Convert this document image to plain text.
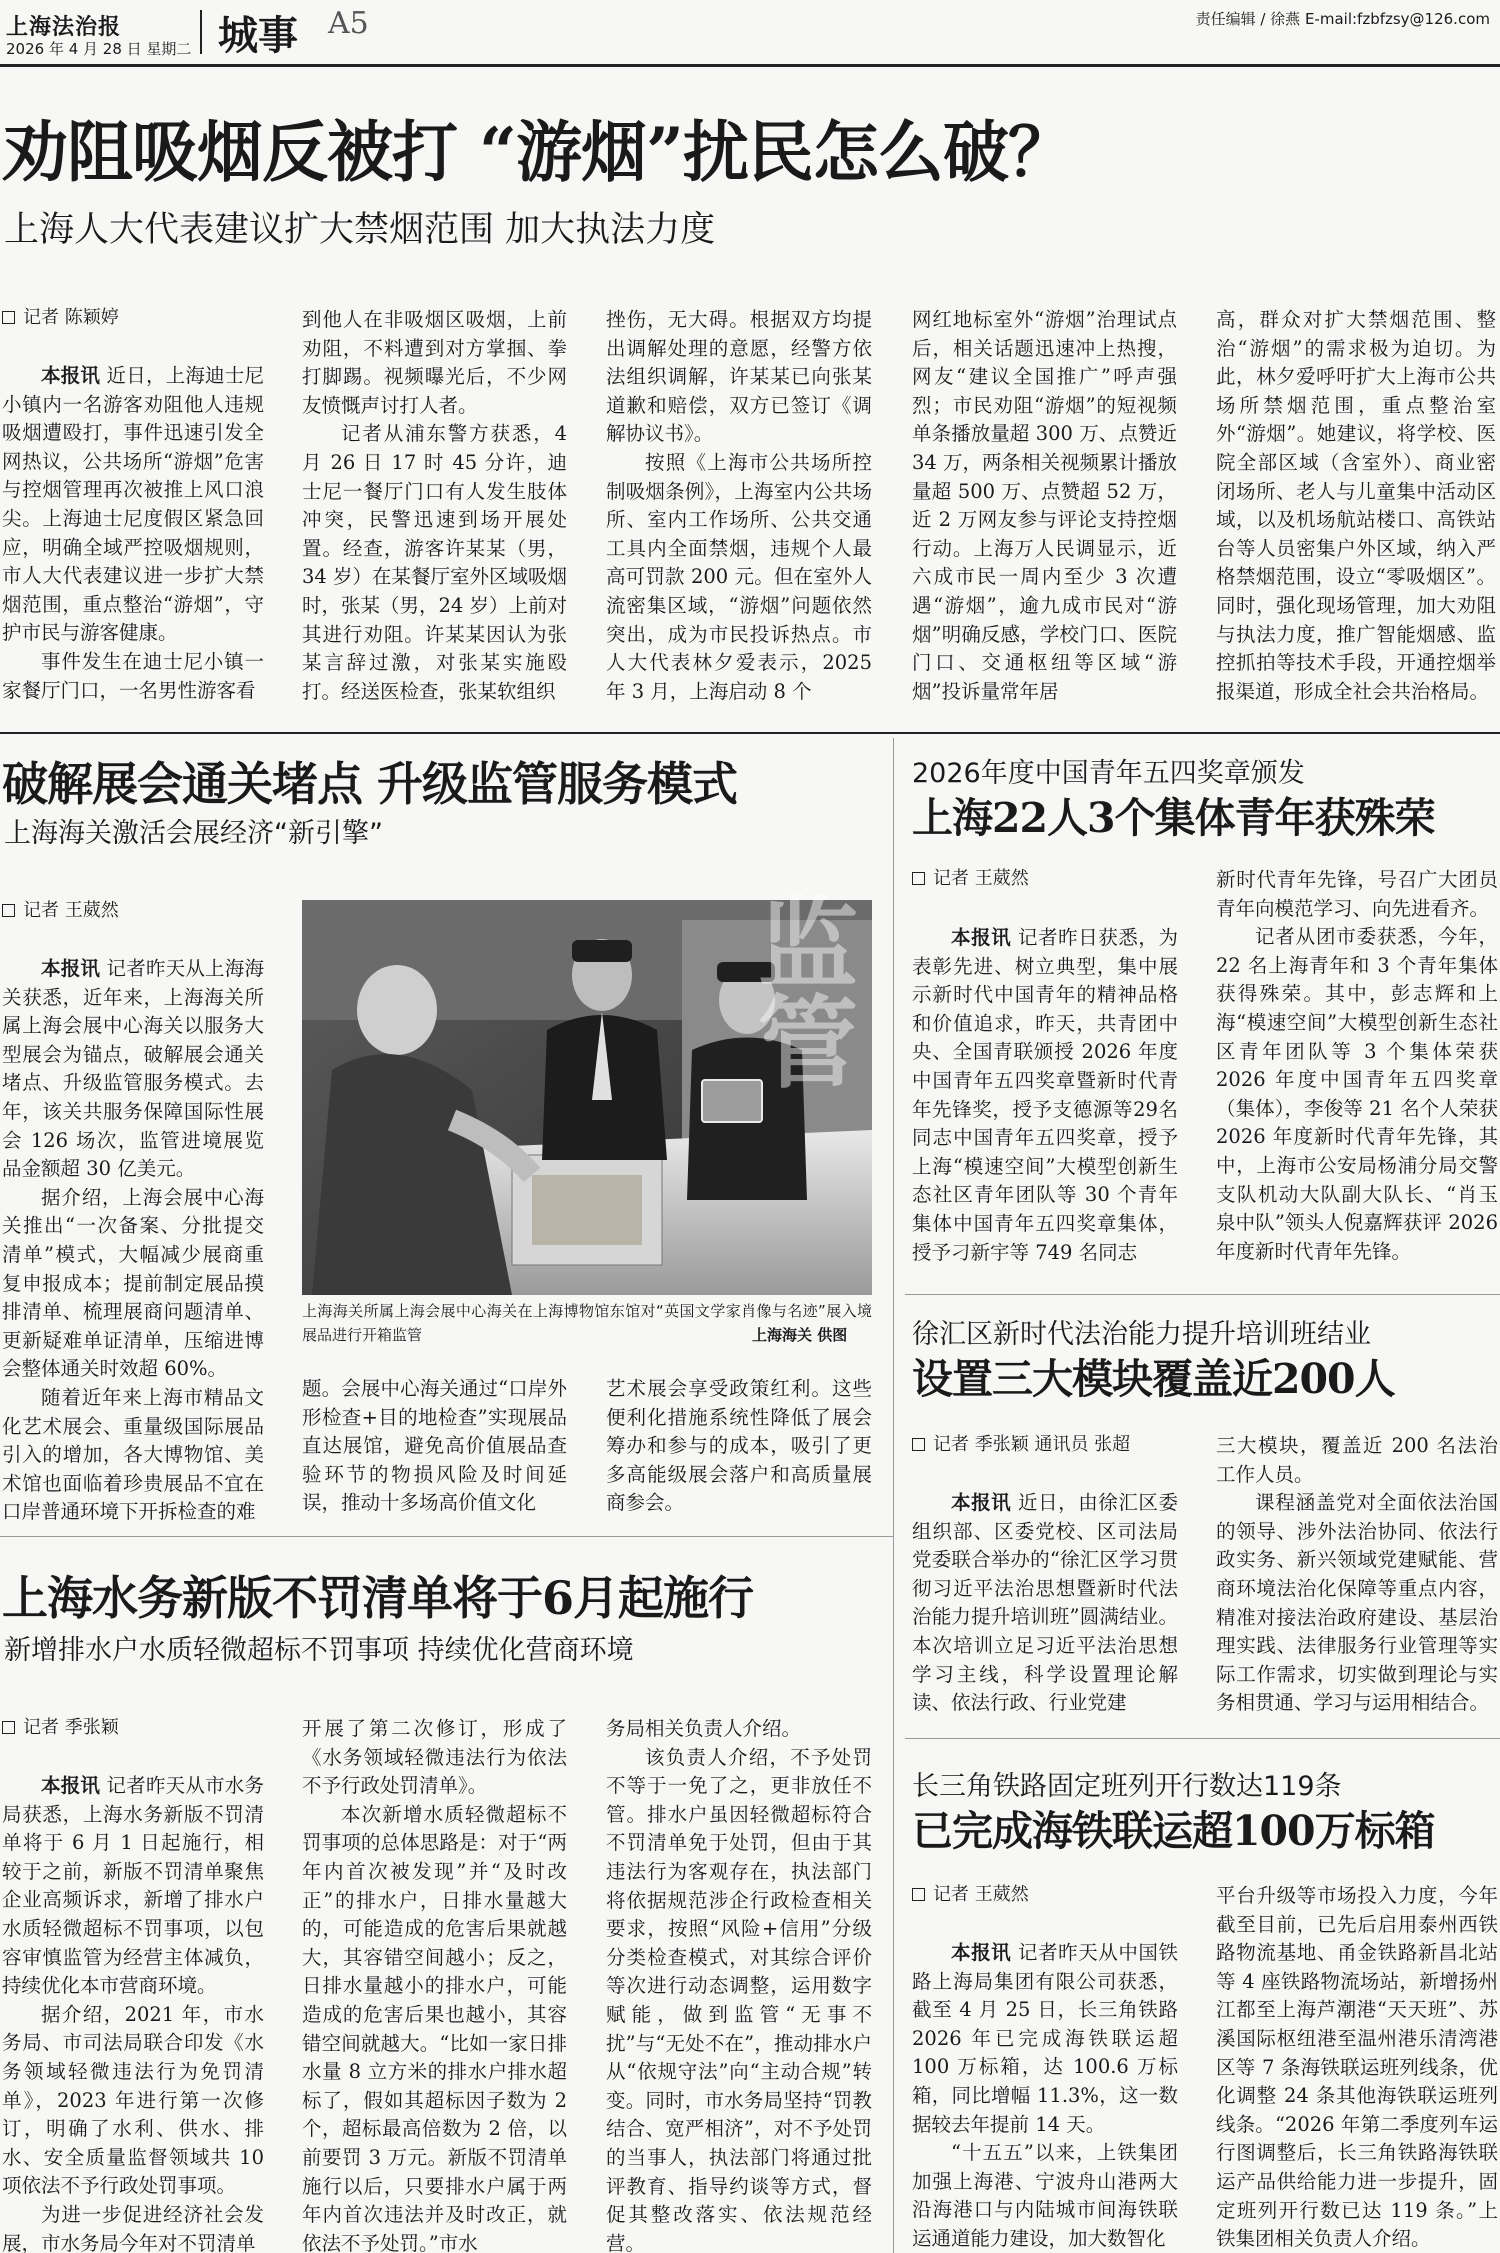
上海法治报
2026 年 4 月 28 日 星期二 城事 A5	责任编辑 / 徐燕 E-mail:fzbfzsy@126.com
劝阻吸烟反被打 “游烟”扰民怎么破？
上海人大代表建议扩大禁烟范围 加大执法力度
记者 陈颖婷

本报讯 近日，上海迪士尼小镇内一名游客劝阻他人违规吸烟遭殴打，事件迅速引发全网热议，公共场所“游烟”危害与控烟管理再次被推上风口浪尖。上海迪士尼度假区紧急回应，明确全域严控吸烟规则，市人大代表建议进一步扩大禁烟范围，重点整治“游烟”，守护市民与游客健康。

事件发生在迪士尼小镇一家餐厅门口，一名男性游客看

到他人在非吸烟区吸烟，上前劝阻，不料遭到对方掌掴、拳打脚踢。视频曝光后，不少网友愤慨声讨打人者。

记者从浦东警方获悉，4 月 26 日 17 时 45 分许，迪士尼一餐厅门口有人发生肢体冲突，民警迅速到场开展处置。经查，游客许某某（男，34 岁）在某餐厅室外区域吸烟时，张某（男，24 岁）上前对其进行劝阻。许某某因认为张某言辞过激，对张某实施殴打。经送医检查，张某软组织

挫伤，无大碍。根据双方均提出调解处理的意愿，经警方依法组织调解，许某某已向张某道歉和赔偿，双方已签订《调解协议书》。

按照《上海市公共场所控制吸烟条例》，上海室内公共场所、室内工作场所、公共交通工具内全面禁烟，违规个人最高可罚款 200 元。但在室外人流密集区域，“游烟”问题依然突出，成为市民投诉热点。市人大代表林夕爱表示，2025 年 3 月，上海启动 8 个

网红地标室外“游烟”治理试点后，相关话题迅速冲上热搜，网友“建议全国推广”呼声强烈；市民劝阻“游烟”的短视频单条播放量超 300 万、点赞近 34 万，两条相关视频累计播放量超 500 万、点赞超 52 万，近 2 万网友参与评论支持控烟行动。上海万人民调显示，近六成市民一周内至少 3 次遭遇“游烟”，逾九成市民对“游烟”明确反感，学校门口、医院门口、交通枢纽等区域“游烟”投诉量常年居

高，群众对扩大禁烟范围、整治“游烟”的需求极为迫切。为此，林夕爱呼吁扩大上海市公共场所禁烟范围，重点整治室外“游烟”。她建议，将学校、医院全部区域（含室外）、商业密闭场所、老人与儿童集中活动区域，以及机场航站楼口、高铁站台等人员密集户外区域，纳入严格禁烟范围，设立“零吸烟区”。同时，强化现场管理，加大劝阻与执法力度，推广智能烟感、监控抓拍等技术手段，开通控烟举报渠道，形成全社会共治格局。

破解展会通关堵点 升级监管服务模式
上海海关激活会展经济“新引擎”
记者 王葳然

本报讯 记者昨天从上海海关获悉，近年来，上海海关所属上海会展中心海关以服务大型展会为锚点，破解展会通关堵点、升级监管服务模式。去年，该关共服务保障国际性展会 126 场次，监管进境展览品金额超 30 亿美元。

据介绍，上海会展中心海关推出“一次备案、分批提交清单”模式，大幅减少展商重复申报成本；提前制定展品摸排清单、梳理展商问题清单、更新疑难单证清单，压缩进博会整体通关时效超 60%。

随着近年来上海市精品文化艺术展会、重量级国际展品引入的增加，各大博物馆、美术馆也面临着珍贵展品不宜在口岸普通环境下开拆检查的难

监管
上海海关所属上海会展中心海关在上海博物馆东馆对“英国文学家肖像与名迹”展入境展品进行开箱监管	上海海关 供图

题。会展中心海关通过“口岸外形检查+目的地检查”实现展品直达展馆，避免高价值展品查验环节的物损风险及时间延误，推动十多场高价值文化

艺术展会享受政策红利。这些便利化措施系统性降低了展会筹办和参与的成本，吸引了更多高能级展会落户和高质量展商参会。

2026年度中国青年五四奖章颁发
上海22人3个集体青年获殊荣
记者 王葳然

本报讯 记者昨日获悉，为表彰先进、树立典型，集中展示新时代中国青年的精神品格和价值追求，昨天，共青团中央、全国青联颁授 2026 年度中国青年五四奖章暨新时代青年先锋奖，授予支德源等29名同志中国青年五四奖章，授予上海“模速空间”大模型创新生态社区青年团队等 30 个青年集体中国青年五四奖章集体，授予刁新宇等 749 名同志

新时代青年先锋，号召广大团员青年向模范学习、向先进看齐。

记者从团市委获悉，今年，22 名上海青年和 3 个青年集体获得殊荣。其中，彭志辉和上海“模速空间”大模型创新生态社区青年团队等 3 个集体荣获 2026 年度中国青年五四奖章（集体），李俊等 21 名个人荣获 2026 年度新时代青年先锋，其中，上海市公安局杨浦分局交警支队机动大队副大队长、“肖玉泉中队”领头人倪嘉辉获评 2026 年度新时代青年先锋。

徐汇区新时代法治能力提升培训班结业
设置三大模块覆盖近200人
记者 季张颖 通讯员 张超

本报讯 近日，由徐汇区委组织部、区委党校、区司法局党委联合举办的“徐汇区学习贯彻习近平法治思想暨新时代法治能力提升培训班”圆满结业。本次培训立足习近平法治思想学习主线，科学设置理论解读、依法行政、行业党建

三大模块，覆盖近 200 名法治工作人员。

课程涵盖党对全面依法治国的领导、涉外法治协同、依法行政实务、新兴领域党建赋能、营商环境法治化保障等重点内容，精准对接法治政府建设、基层治理实践、法律服务行业管理等实际工作需求，切实做到理论与实务相贯通、学习与运用相结合。

上海水务新版不罚清单将于6月起施行
新增排水户水质轻微超标不罚事项 持续优化营商环境
记者 季张颖

本报讯 记者昨天从市水务局获悉，上海水务新版不罚清单将于 6 月 1 日起施行，相较于之前，新版不罚清单聚焦企业高频诉求，新增了排水户水质轻微超标不罚事项，以包容审慎监管为经营主体减负，持续优化本市营商环境。

据介绍，2021 年，市水务局、市司法局联合印发《水务领域轻微违法行为免罚清单》，2023 年进行第一次修订，明确了水利、供水、排水、安全质量监督领域共 10 项依法不予行政处罚事项。

为进一步促进经济社会发展，市水务局今年对不罚清单

开展了第二次修订，形成了《水务领域轻微违法行为依法不予行政处罚清单》。

本次新增水质轻微超标不罚事项的总体思路是：对于“两年内首次被发现”并“及时改正”的排水户，日排水量越大的，可能造成的危害后果就越大，其容错空间越小；反之，日排水量越小的排水户，可能造成的危害后果也越小，其容错空间就越大。“比如一家日排水量 8 立方米的排水户排水超标了，假如其超标因子数为 2 个，超标最高倍数为 2 倍，以前要罚 3 万元。新版不罚清单施行以后，只要排水户属于两年内首次违法并及时改正，就依法不予处罚。”市水

务局相关负责人介绍。

该负责人介绍，不予处罚不等于一免了之，更非放任不管。排水户虽因轻微超标符合不罚清单免于处罚，但由于其违法行为客观存在，执法部门将依据规范涉企行政检查相关要求，按照“风险+信用”分级分类检查模式，对其综合评价等次进行动态调整，运用数字赋能，做到监管“无事不扰”与“无处不在”，推动排水户从“依规守法”向“主动合规”转变。同时，市水务局坚持“罚教结合、宽严相济”，对不予处罚的当事人，执法部门将通过批评教育、指导约谈等方式，督促其整改落实、依法规范经营。

长三角铁路固定班列开行数达119条
已完成海铁联运超100万标箱
记者 王葳然

本报讯 记者昨天从中国铁路上海局集团有限公司获悉，截至 4 月 25 日，长三角铁路 2026 年已完成海铁联运超 100 万标箱，达 100.6 万标箱，同比增幅 11.3%，这一数据较去年提前 14 天。

“十五五”以来，上铁集团加强上海港、宁波舟山港两大沿海港口与内陆城市间海铁联运通道能力建设，加大数智化

平台升级等市场投入力度，今年截至目前，已先后启用泰州西铁路物流基地、甬金铁路新昌北站等 4 座铁路物流场站，新增扬州江都至上海芦潮港“天天班”、苏溪国际枢纽港至温州港乐清湾港区等 7 条海铁联运班列线条，优化调整 24 条其他海铁联运班列线条。“2026 年第二季度列车运行图调整后，长三角铁路海铁联运产品供给能力进一步提升，固定班列开行数已达 119 条。”上铁集团相关负责人介绍。
